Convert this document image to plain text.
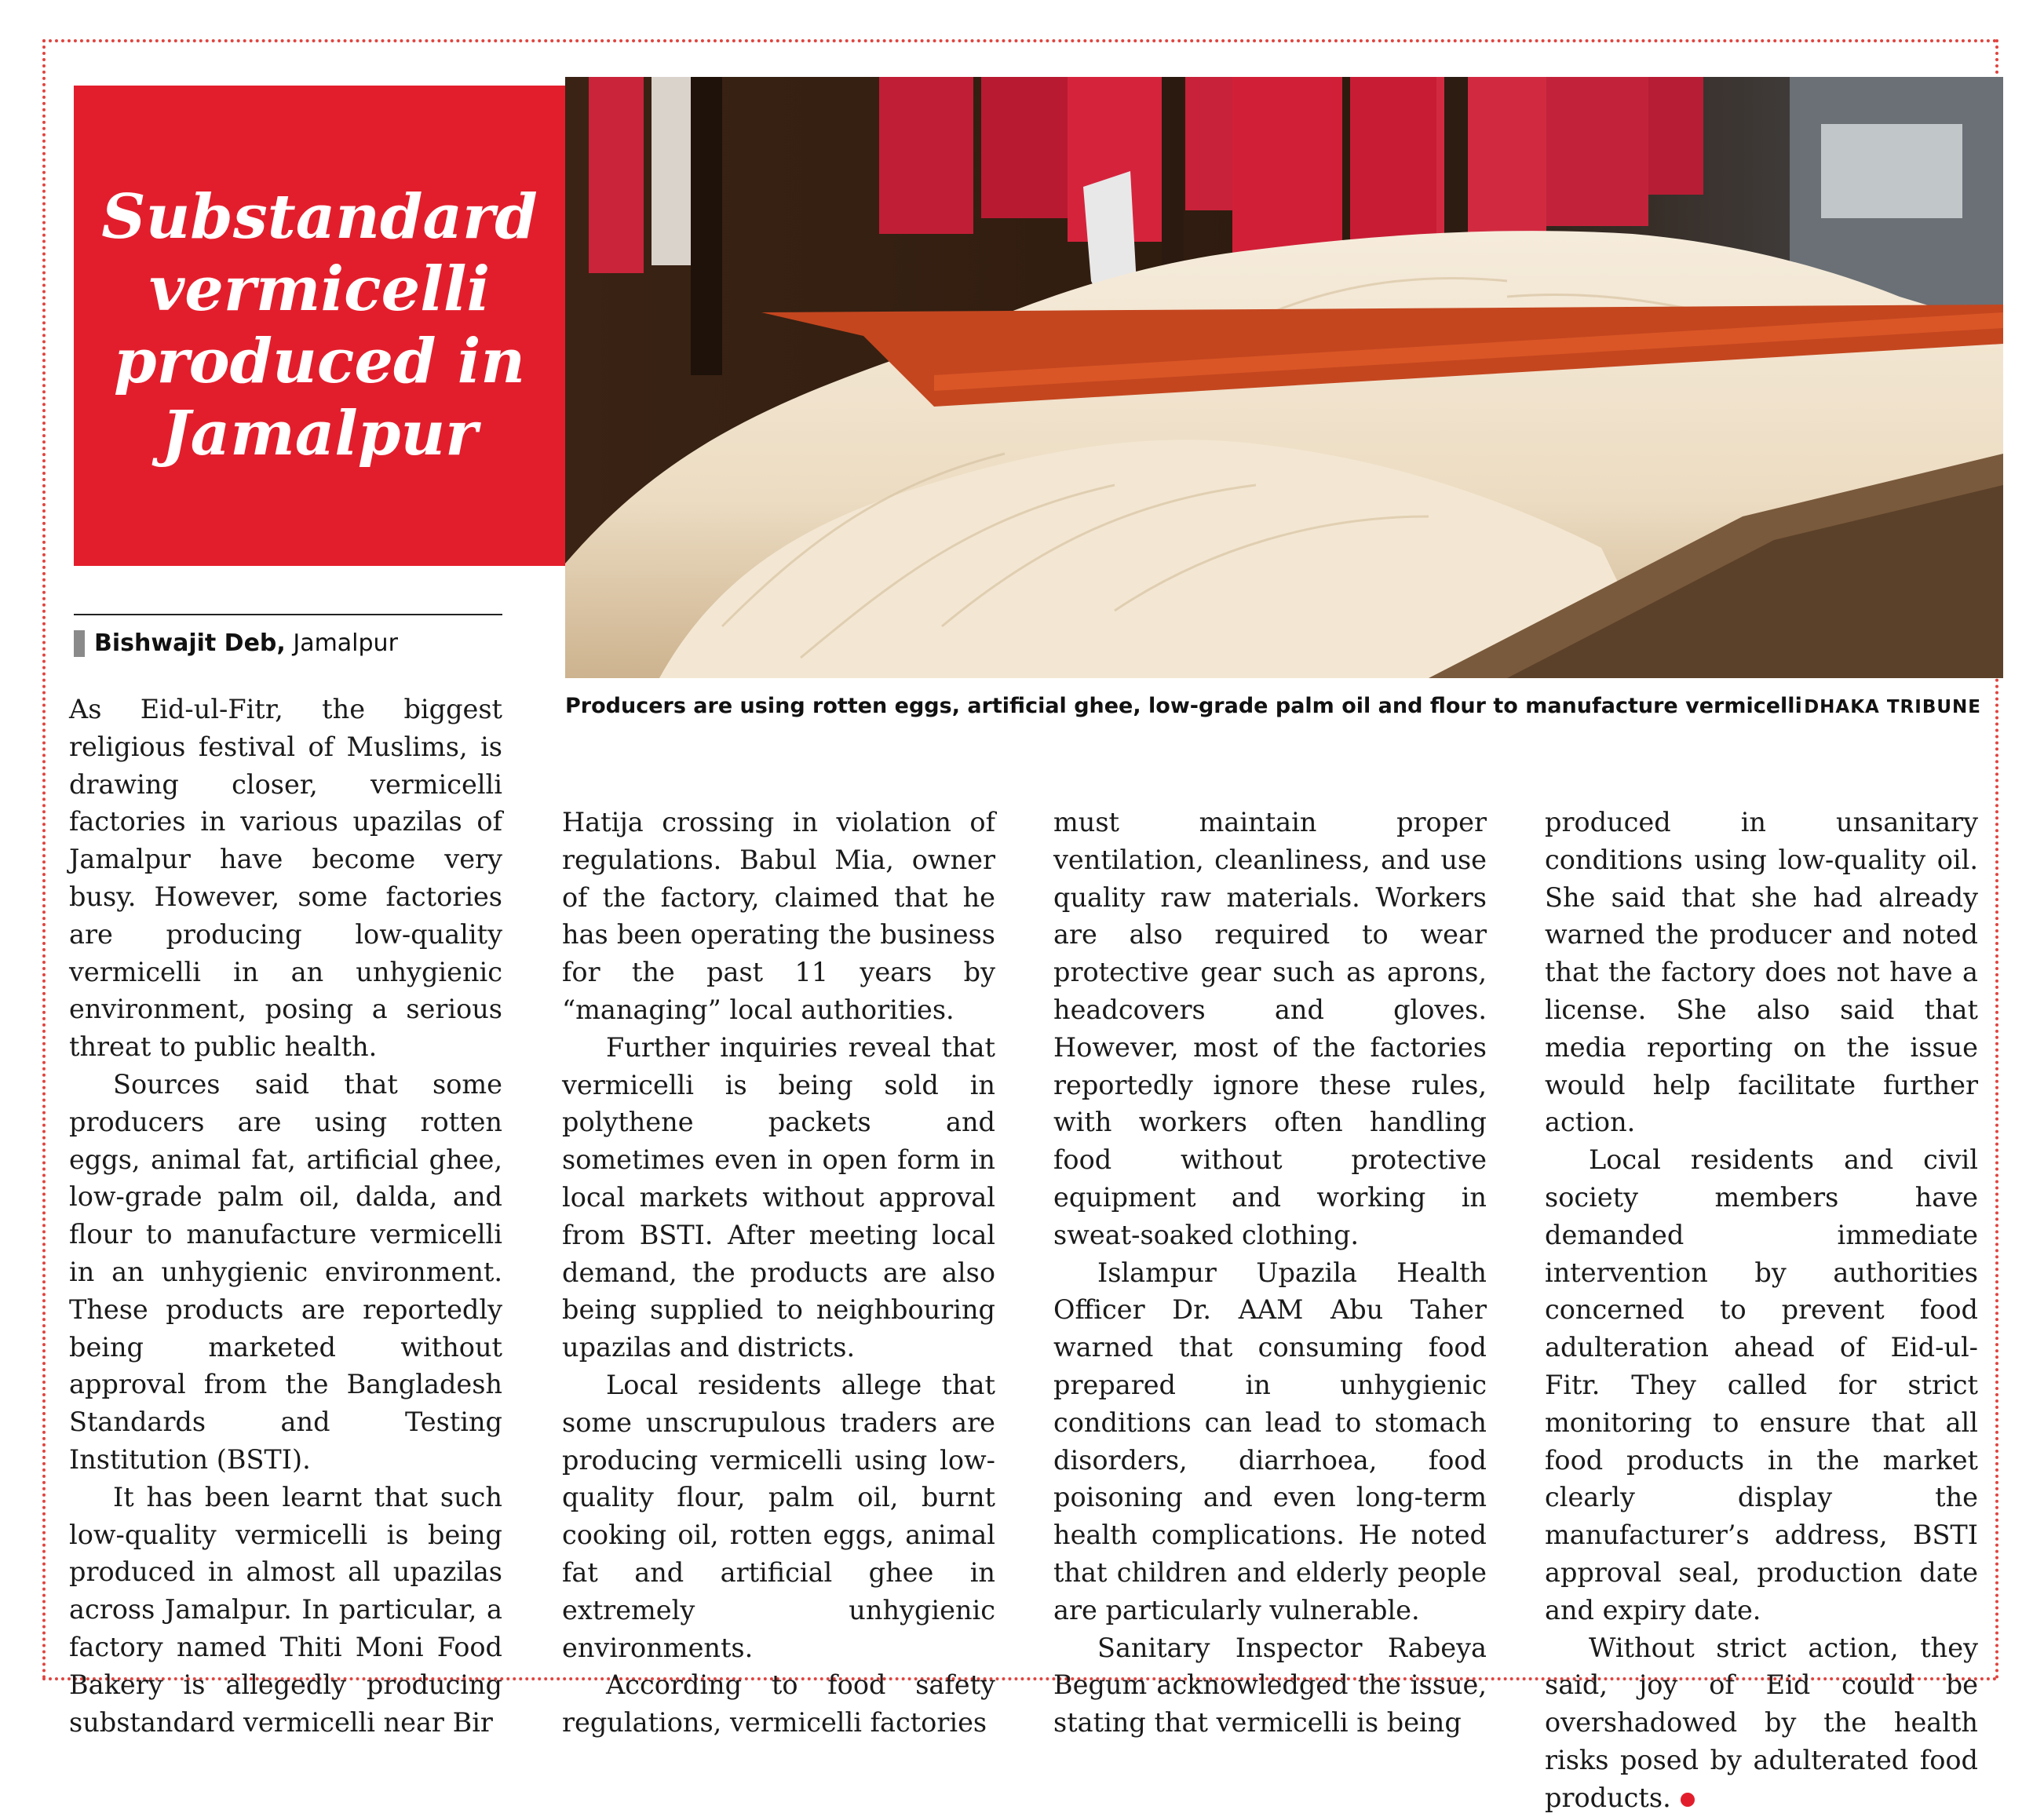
Substandard vermicelli produced in Jamalpur
Bishwajit Deb,
Jamalpur
Producers are using rotten eggs, artificial ghee, low-grade palm oil and flour to manufacture vermicelli DHAKA TRIBUNE

As Eid-ul-Fitr, the biggest religious festival of Muslims, is drawing closer, vermicelli factories in various upazilas of Jamalpur have become very busy. However, some factories are producing low-quality vermicelli in an unhygienic environment, posing a serious threat to public health.

Sources said that some producers are using rotten eggs, animal fat, artificial ghee, low-grade palm oil, dalda, and flour to manufacture vermicelli in an unhygienic environment. These products are reportedly being marketed without approval from the Bangladesh Standards and Testing Institution (BSTI).

It has been learnt that such low-quality vermicelli is being produced in almost all upazilas across Jamalpur. In particular, a factory named Thiti Moni Food Bakery is allegedly producing substandard vermicelli near Bir

Hatija crossing in violation of regulations. Babul Mia, owner of the factory, claimed that he has been operating the business for the past 11 years by “managing” local authorities.

Further inquiries reveal that vermicelli is being sold in polythene packets and sometimes even in open form in local markets without approval from BSTI. After meeting local demand, the products are also being supplied to neighbouring upazilas and districts.

Local residents allege that some unscrupulous traders are producing vermicelli using low-quality flour, palm oil, burnt cooking oil, rotten eggs, animal fat and artificial ghee in extremely unhygienic environments.

According to food safety regulations, vermicelli factories

must maintain proper ventilation, cleanliness, and use quality raw materials. Workers are also required to wear protective gear such as aprons, headcovers and gloves. However, most of the factories reportedly ignore these rules, with workers often handling food without protective equipment and working in sweat-soaked clothing.

Islampur Upazila Health Officer Dr. AAM Abu Taher warned that consuming food prepared in unhygienic conditions can lead to stomach disorders, diarrhoea, food poisoning and even long-term health complications. He noted that children and elderly people are particularly vulnerable.

Sanitary Inspector Rabeya Begum acknowledged the issue, stating that vermicelli is being

produced in unsanitary conditions using low-quality oil. She said that she had already warned the producer and noted that the factory does not have a license. She also said that media reporting on the issue would help facilitate further action.

Local residents and civil society members have demanded immediate intervention by authorities concerned to prevent food adulteration ahead of Eid-ul-Fitr. They called for strict monitoring to ensure that all food products in the market clearly display the manufacturer’s address, BSTI approval seal, production date and expiry date.

Without strict action, they said, joy of Eid could be overshadowed by the health risks posed by adulterated food products.
